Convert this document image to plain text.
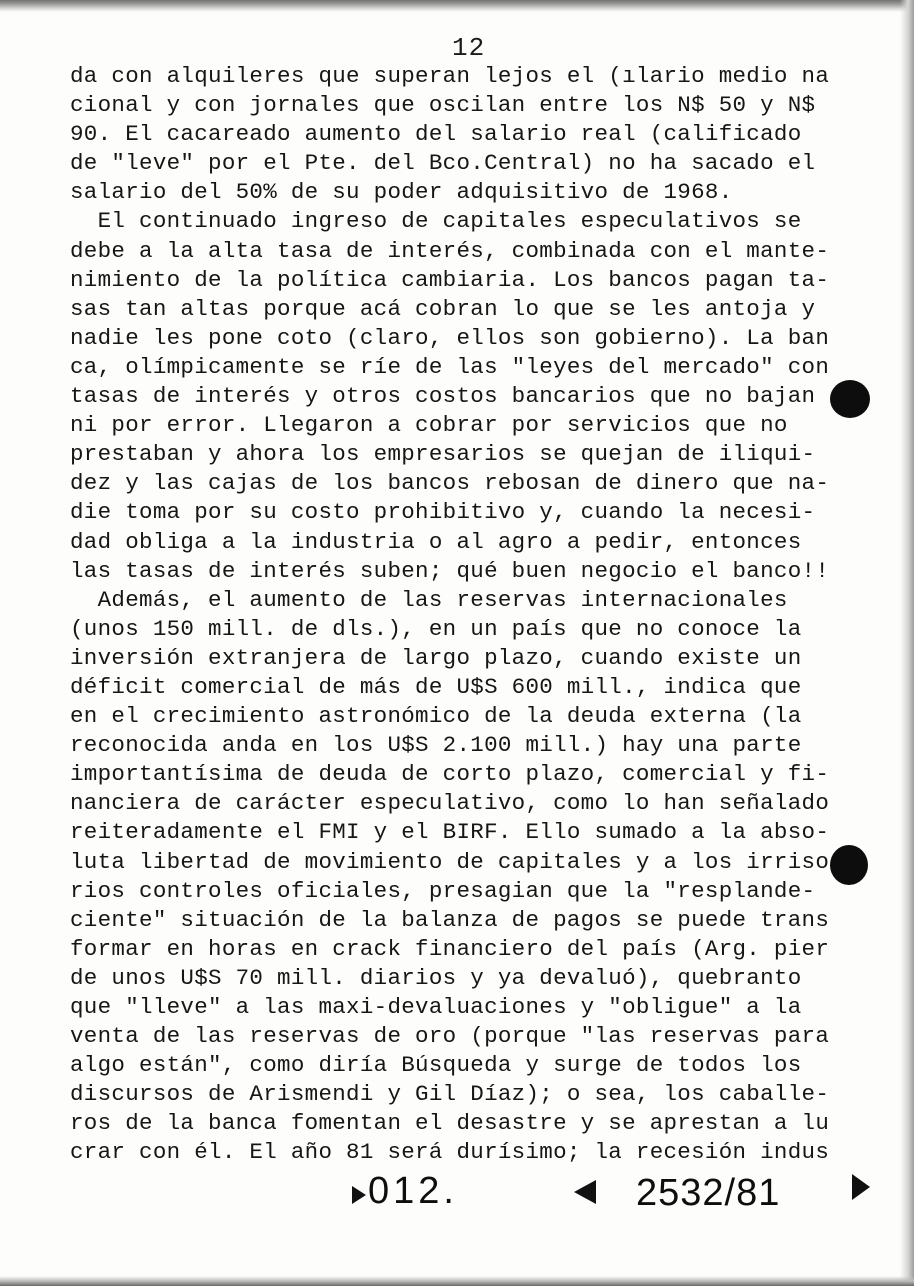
12
da con alquileres que superan lejos el (ılario medio na
cional y con jornales que oscilan entre los N$ 50 y N$
90. El cacareado aumento del salario real (calificado
de "leve" por el Pte. del Bco.Central) no ha sacado el
salario del 50% de su poder adquisitivo de 1968.
El continuado ingreso de capitales especulativos se
debe a la alta tasa de interés, combinada con el mante-
nimiento de la política cambiaria. Los bancos pagan ta-
sas tan altas porque acá cobran lo que se les antoja y
nadie les pone coto (claro, ellos son gobierno). La ban
ca, olímpicamente se ríe de las "leyes del mercado" con
tasas de interés y otros costos bancarios que no bajan
ni por error. Llegaron a cobrar por servicios que no
prestaban y ahora los empresarios se quejan de iliqui-
dez y las cajas de los bancos rebosan de dinero que na-
die toma por su costo prohibitivo y, cuando la necesi-
dad obliga a la industria o al agro a pedir, entonces
las tasas de interés suben; qué buen negocio el banco!!
Además, el aumento de las reservas internacionales
(unos 150 mill. de dls.), en un país que no conoce la
inversión extranjera de largo plazo, cuando existe un
déficit comercial de más de U$S 600 mill., indica que
en el crecimiento astronómico de la deuda externa (la
reconocida anda en los U$S 2.100 mill.) hay una parte
importantísima de deuda de corto plazo, comercial y fi-
nanciera de carácter especulativo, como lo han señalado
reiteradamente el FMI y el BIRF. Ello sumado a la abso-
luta libertad de movimiento de capitales y a los irriso
rios controles oficiales, presagian que la "resplande-
ciente" situación de la balanza de pagos se puede trans
formar en horas en crack financiero del país (Arg. pier
de unos U$S 70 mill. diarios y ya devaluó), quebranto
que "lleve" a las maxi-devaluaciones y "obligue" a la
venta de las reservas de oro (porque "las reservas para
algo están", como diría Búsqueda y surge de todos los
discursos de Arismendi y Gil Díaz); o sea, los caballe-
ros de la banca fomentan el desastre y se aprestan a lu
crar con él. El año 81 será durísimo; la recesión indus
012.	2532/81
